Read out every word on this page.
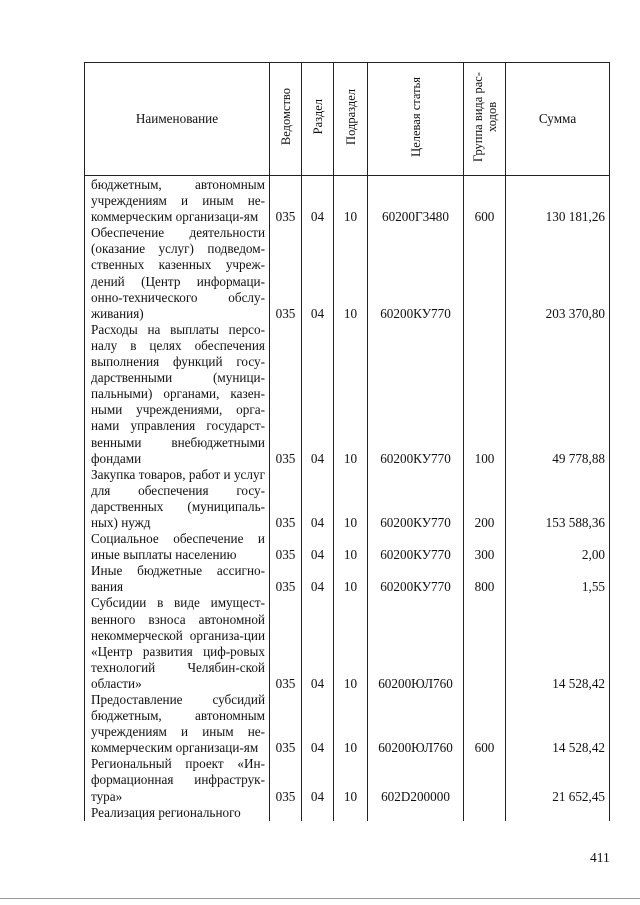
Наименование	Ведомство	Раздел	Подраздел	Целевая статья	Группа вида рас-ходов	Сумма
бюджетным, автономным учреждениям и иным не-коммерческим организаци-ям	035	04	10	60200Г3480	600	130 181,26
Обеспечение деятельности (оказание услуг) подведом-ственных казенных учреж-дений (Центр информаци-онно-технического обслу-живания)	035	04	10	60200КУ770		203 370,80
Расходы на выплаты персо-налу в целях обеспечения выполнения функций госу-дарственными (муници-пальными) органами, казен-ными учреждениями, орга-нами управления государст-венными внебюджетными фондами	035	04	10	60200КУ770	100	49 778,88
Закупка товаров, работ и услуг для обеспечения госу-дарственных (муниципаль-ных) нужд	035	04	10	60200КУ770	200	153 588,36
Социальное обеспечение и иные выплаты населению	035	04	10	60200КУ770	300	2,00
Иные бюджетные ассигно-вания	035	04	10	60200КУ770	800	1,55
Субсидии в виде имущест-венного взноса автономной некоммерческой организа-ции «Центр развития циф-ровых технологий Челябин-ской области»	035	04	10	60200ЮЛ760		14 528,42
Предоставление субсидий бюджетным, автономным учреждениям и иным не-коммерческим организаци-ям	035	04	10	60200ЮЛ760	600	14 528,42
Региональный проект «Ин-формационная инфраструк-тура»	035	04	10	602D200000		21 652,45
Реализация регионального						
411
